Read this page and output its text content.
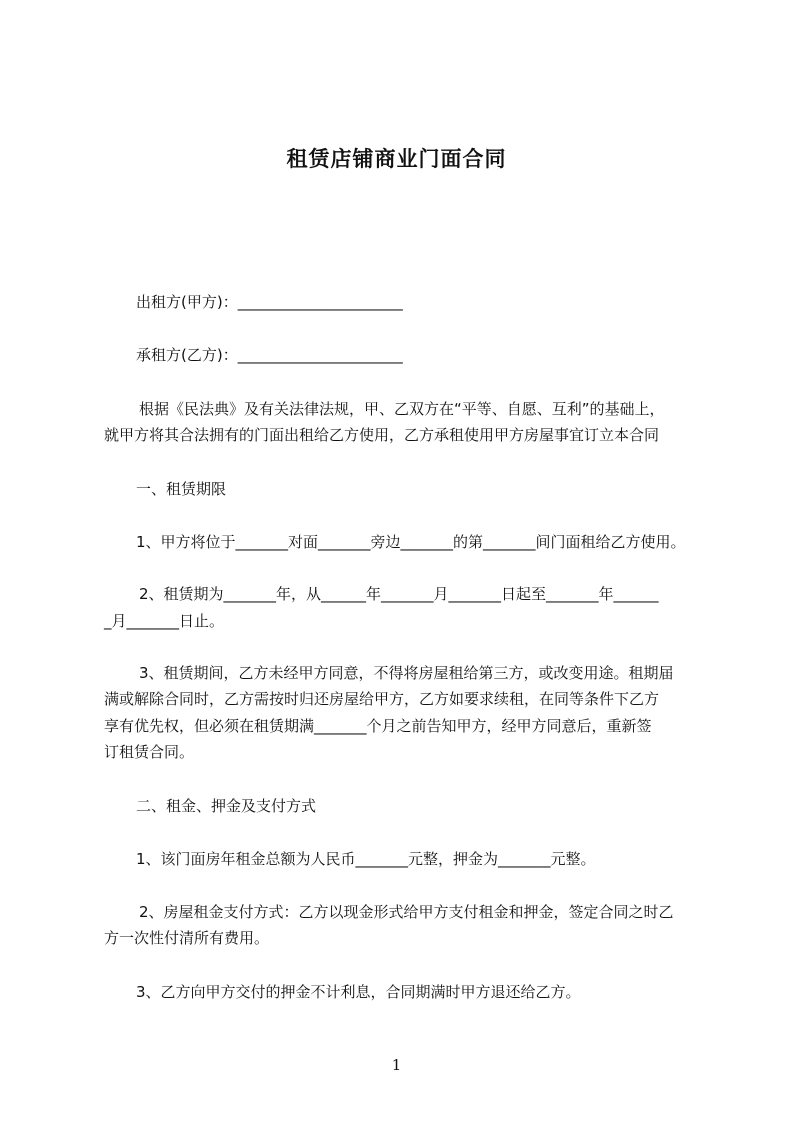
租赁店铺商业门面合同
出租方(甲方)：______________________
承租方(乙方)：______________________
根据《民法典》及有关法律法规，甲、乙双方在“平等、自愿、互利”的基础上，
就甲方将其合法拥有的门面出租给乙方使用，乙方承租使用甲方房屋事宜订立本合同
一、租赁期限
1、甲方将位于_______对面_______旁边_______的第_______间门面租给乙方使用。
2、租赁期为_______年，从______年_______月_______日起至_______年______
_月_______日止。
3、租赁期间，乙方未经甲方同意，不得将房屋租给第三方，或改变用途。租期届
满或解除合同时，乙方需按时归还房屋给甲方，乙方如要求续租，在同等条件下乙方
享有优先权，但必须在租赁期满_______个月之前告知甲方，经甲方同意后，重新签
订租赁合同。
二、租金、押金及支付方式
1、该门面房年租金总额为人民币_______元整，押金为_______元整。
2、房屋租金支付方式：乙方以现金形式给甲方支付租金和押金，签定合同之时乙
方一次性付清所有费用。
3、乙方向甲方交付的押金不计利息，合同期满时甲方退还给乙方。
1
